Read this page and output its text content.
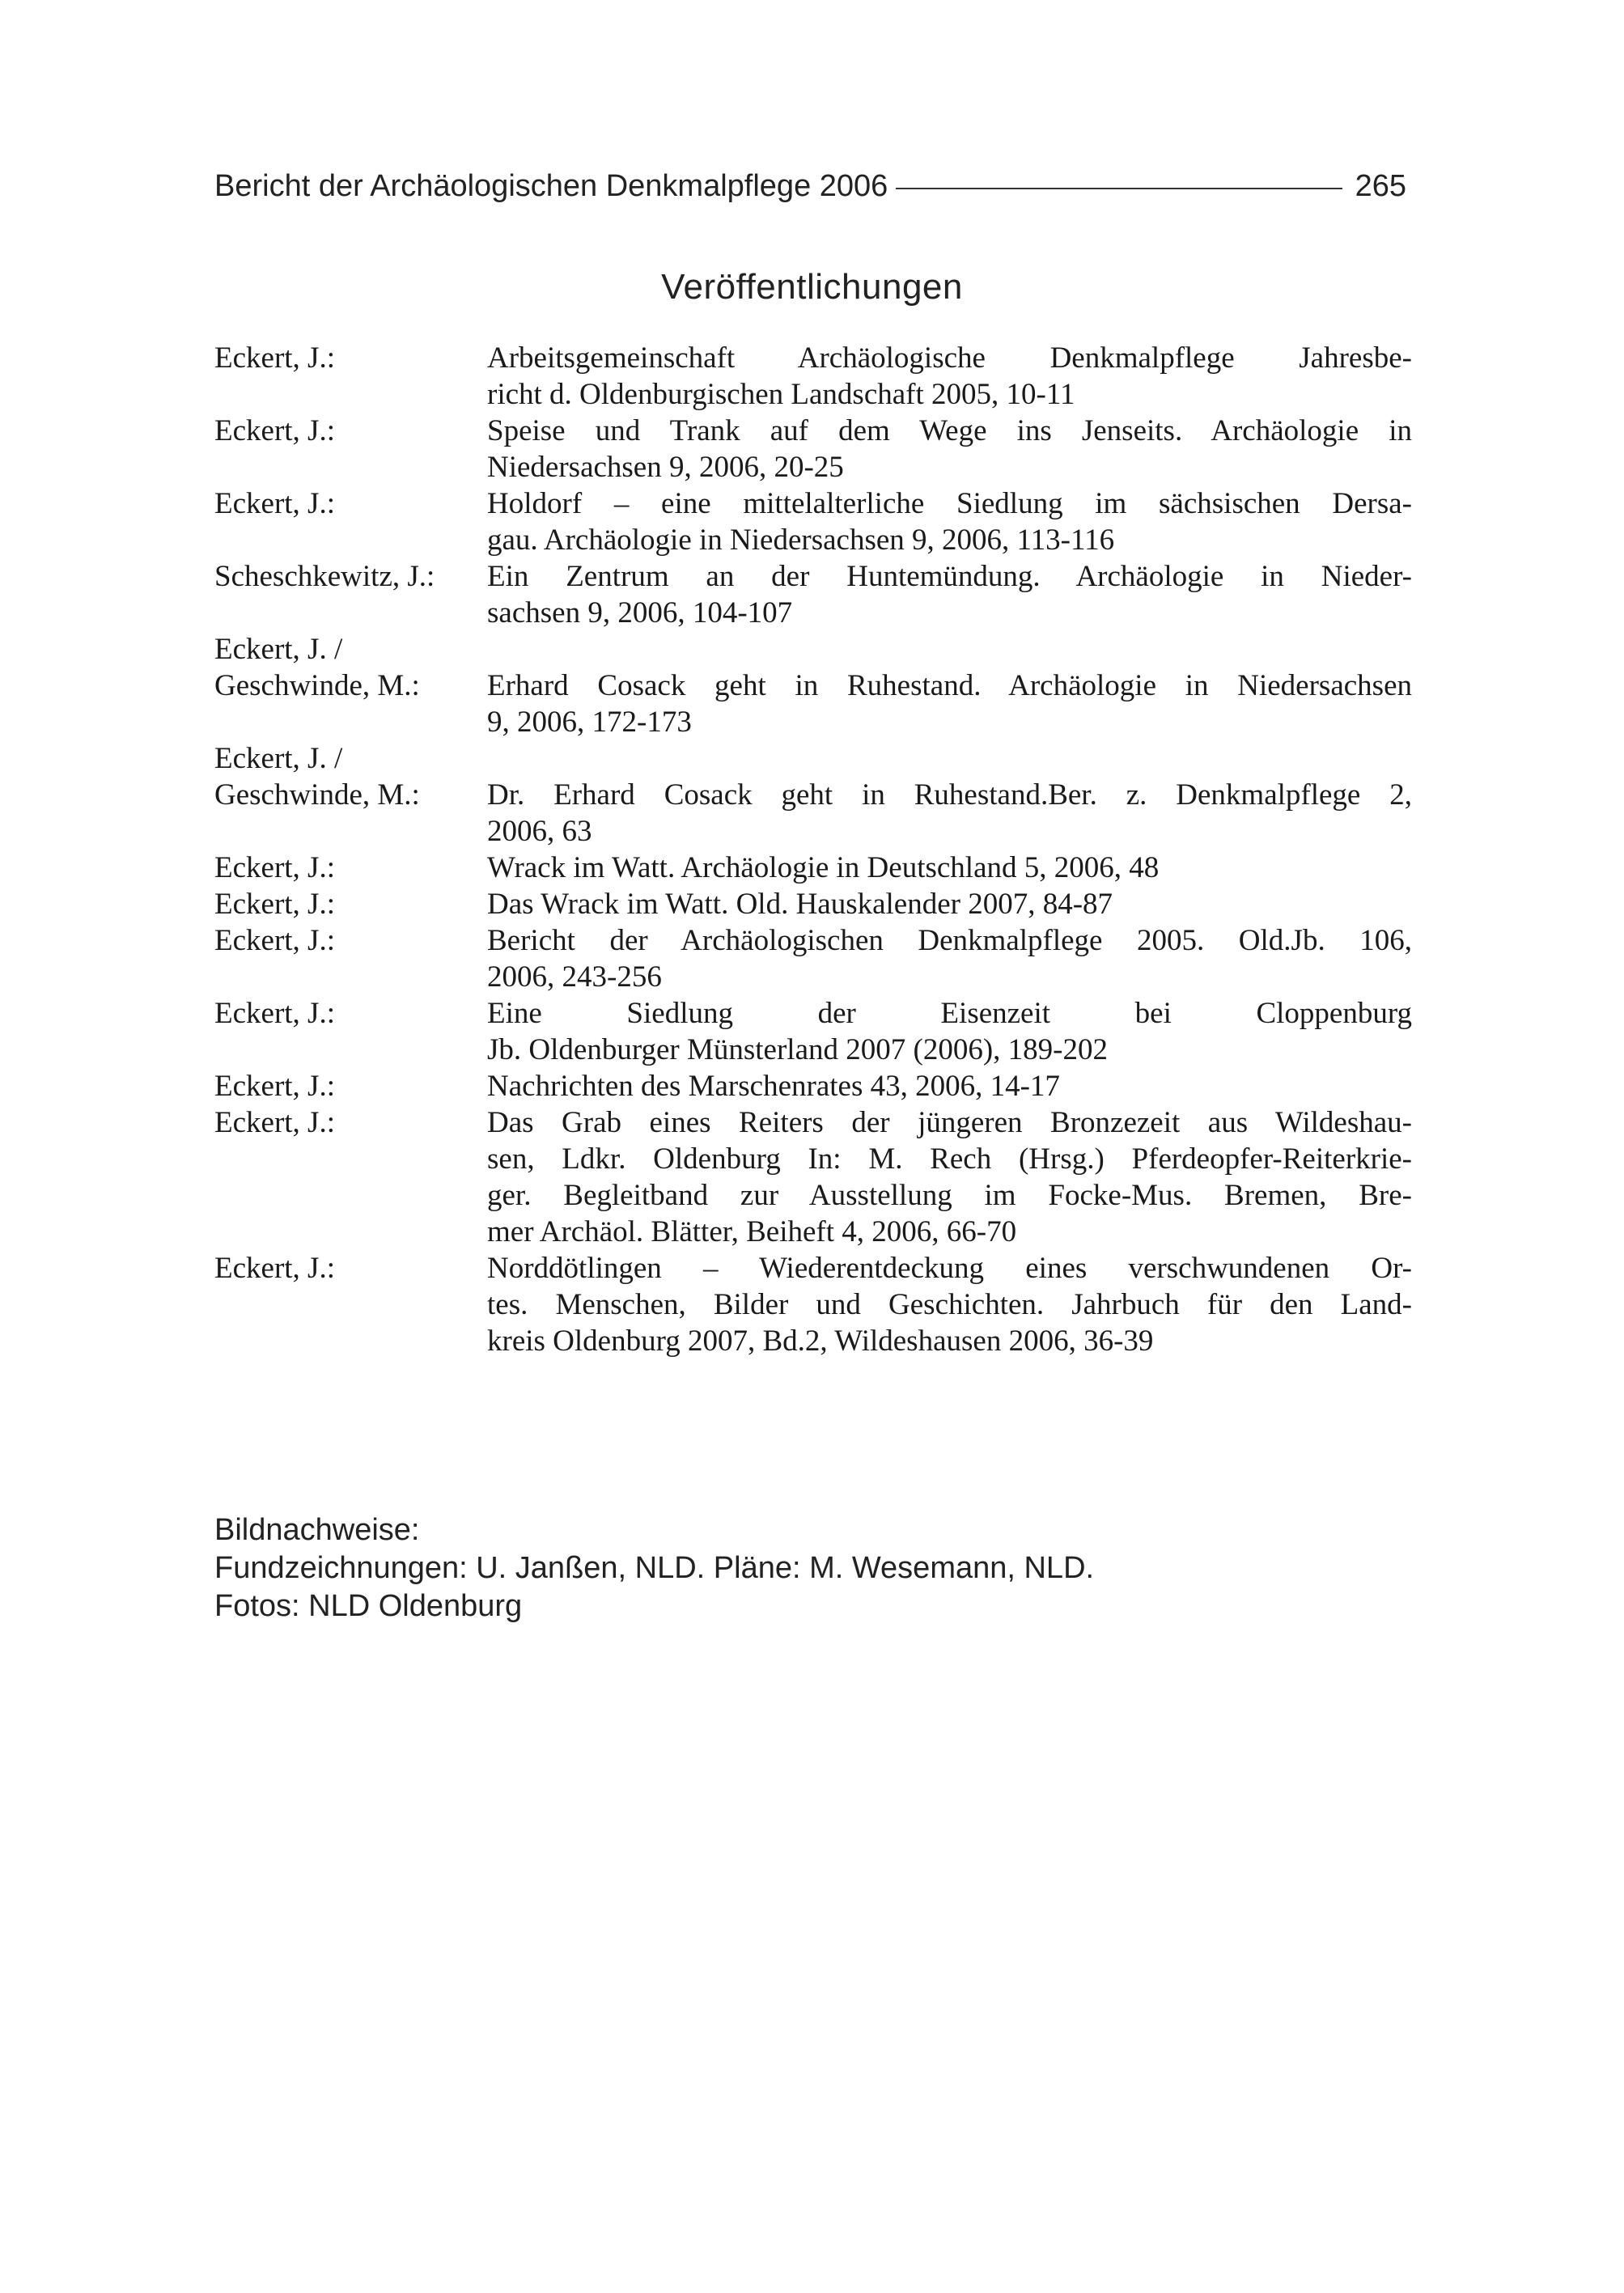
Bericht der Archäologischen Denkmalpflege 2006	265
Veröffentlichungen
Eckert, J.:	Arbeitsgemeinschaft Archäologische Denkmalpflege Jahresbe-
richt d. Oldenburgischen Landschaft 2005, 10-11
Eckert, J.:	Speise und Trank auf dem Wege ins Jenseits. Archäologie in
Niedersachsen 9, 2006, 20-25
Eckert, J.:	Holdorf – eine mittelalterliche Siedlung im sächsischen Dersa-
gau. Archäologie in Niedersachsen 9, 2006, 113-116
Scheschkewitz, J.:	Ein Zentrum an der Huntemündung. Archäologie in Nieder-
sachsen 9, 2006, 104-107
Eckert, J. /
Geschwinde, M.:
	Erhard Cosack geht in Ruhestand. Archäologie in Niedersachsen
9, 2006, 172-173
Eckert, J. /
Geschwinde, M.:
	Dr. Erhard Cosack geht in Ruhestand.Ber. z. Denkmalpflege 2,
2006, 63
Eckert, J.:	Wrack im Watt. Archäologie in Deutschland 5, 2006, 48
Eckert, J.:	Das Wrack im Watt. Old. Hauskalender 2007, 84-87
Eckert, J.:	Bericht der Archäologischen Denkmalpflege 2005. Old.Jb. 106,
2006, 243-256
Eckert, J.:	Eine Siedlung der Eisenzeit bei Cloppenburg
Jb. Oldenburger Münsterland 2007 (2006), 189-202
Eckert, J.:	Nachrichten des Marschenrates 43, 2006, 14-17
Eckert, J.:	Das Grab eines Reiters der jüngeren Bronzezeit aus Wildeshau-
sen, Ldkr. Oldenburg In: M. Rech (Hrsg.) Pferdeopfer-Reiterkrie-
ger. Begleitband zur Ausstellung im Focke-Mus. Bremen, Bre-
mer Archäol. Blätter, Beiheft 4, 2006, 66-70
Eckert, J.:	Norddötlingen – Wiederentdeckung eines verschwundenen Or-
tes. Menschen, Bilder und Geschichten. Jahrbuch für den Land-
kreis Oldenburg 2007, Bd.2, Wildeshausen 2006, 36-39
Bildnachweise:
Fundzeichnungen: U. Janßen, NLD. Pläne: M. Wesemann, NLD.
Fotos: NLD Oldenburg
